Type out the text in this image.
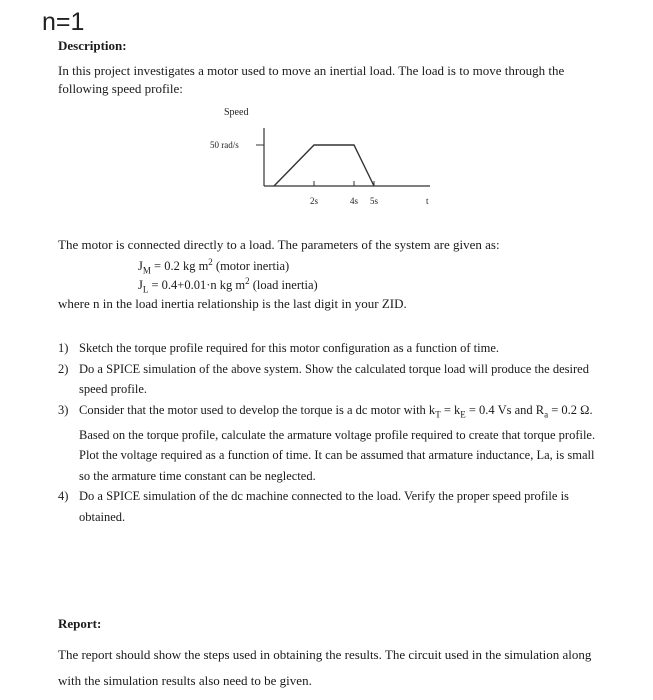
n=1
Description:
In this project investigates a motor used to move an inertial load. The load is to move through the following speed profile:
Speed
50 rad/s
2s	4s 5s	t
The motor is connected directly to a load. The parameters of the system are given as:
$J_M = 0.2$ kg $m^2$ (motor inertia)
$J_L = 0.4+0.01\cdot n$ kg $m^2$ (load inertia)
where n in the load inertia relationship is the last digit in your ZID.
1) Sketch the torque profile required for this motor configuration as a function of time.
2) Do a SPICE simulation of the above system. Show the calculated torque load will produce the desired speed profile.
3) Consider that the motor used to develop the torque is a dc motor with $k_T = k_E = 0.4$ Vs and $R_a = 0.2$ Ω. Based on the torque profile, calculate the armature voltage profile required to create that torque profile. Plot the voltage required as a function of time. It can be assumed that armature inductance, La, is small so the armature time constant can be neglected.
4) Do a SPICE simulation of the dc machine connected to the load. Verify the proper speed profile is obtained.
Report:
The report should show the steps used in obtaining the results. The circuit used in the simulation along with the simulation results also need to be given.
